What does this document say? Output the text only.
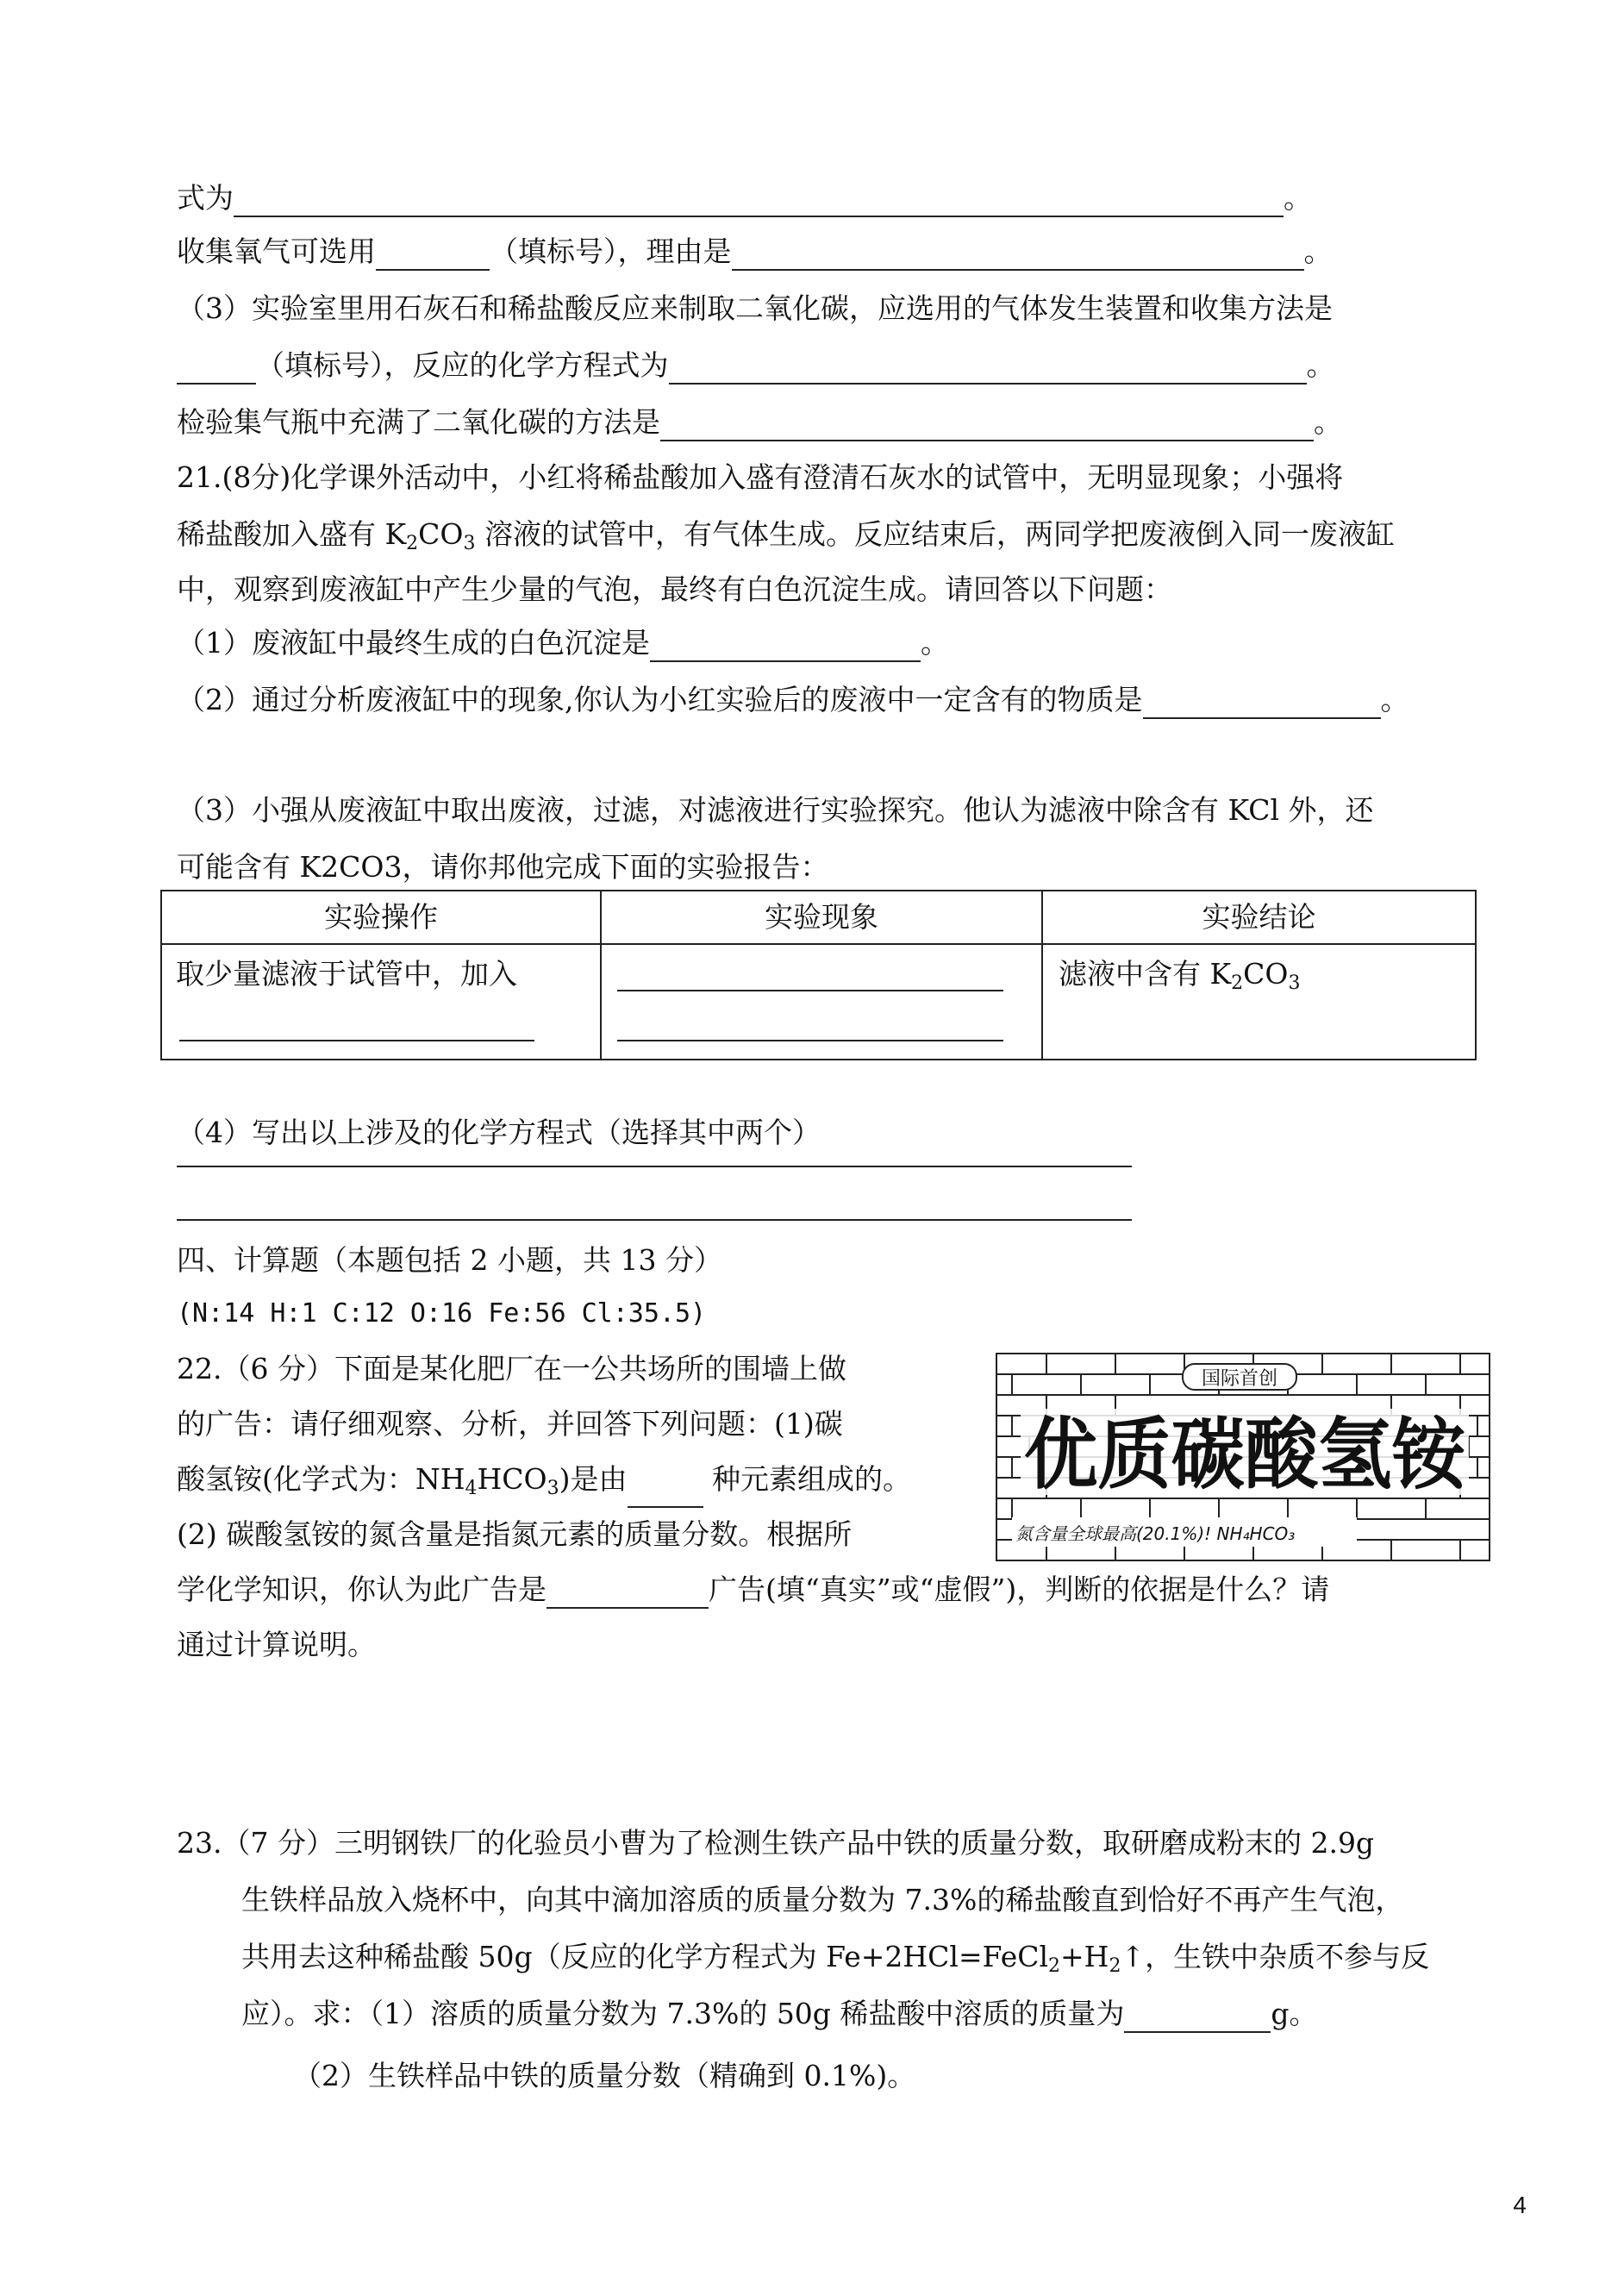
式为	。
收集氧气可选用	（填标号），理由是	。
（3）实验室里用石灰石和稀盐酸反应来制取二氧化碳，应选用的气体发生装置和收集方法是
（填标号），反应的化学方程式为	。
检验集气瓶中充满了二氧化碳的方法是	。
21.(8分)化学课外活动中，小红将稀盐酸加入盛有澄清石灰水的试管中，无明显现象；小强将
稀盐酸加入盛有 $K_2CO_3$ 溶液的试管中，有气体生成。反应结束后，两同学把废液倒入同一废液缸
中，观察到废液缸中产生少量的气泡，最终有白色沉淀生成。请回答以下问题：
（1）废液缸中最终生成的白色沉淀是	。
（2）通过分析废液缸中的现象,你认为小红实验后的废液中一定含有的物质是	。
（3）小强从废液缸中取出废液，过滤，对滤液进行实验探究。他认为滤液中除含有 KCl 外，还
可能含有 K2CO3，请你邦他完成下面的实验报告：
实验操作	实验现象	实验结论

取少量滤液于试管中，加入		滤液中含有 $K_2CO_3$
（4）写出以上涉及的化学方程式（选择其中两个）
四、计算题（本题包括 2 小题，共 13 分）
(N:14 H:1 C:12 O:16 Fe:56 Cl:35.5)
22.（6 分）下面是某化肥厂在一公共场所的围墙上做
的广告：请仔细观察、分析，并回答下列问题：(1)碳
酸氢铵(化学式为：$NH_4HCO_3$)是由	种元素组成的。
(2) 碳酸氢铵的氮含量是指氮元素的质量分数。根据所
学化学知识，你认为此广告是	广告(填“真实”或“虚假”)，判断的依据是什么？请
通过计算说明。
国际首创
优质碳酸氢铵
氮含量全球最高(20.1%)! NH₄HCO₃
23.（7 分）三明钢铁厂的化验员小曹为了检测生铁产品中铁的质量分数，取研磨成粉末的 2.9g
生铁样品放入烧杯中，向其中滴加溶质的质量分数为 7.3%的稀盐酸直到恰好不再产生气泡，
共用去这种稀盐酸 50g（反应的化学方程式为 $Fe+2HCl=FeCl_2+H_2↑$，生铁中杂质不参与反
应）。求：（1）溶质的质量分数为 7.3%的 50g 稀盐酸中溶质的质量为	g。
（2）生铁样品中铁的质量分数（精确到 0.1%)。
4
